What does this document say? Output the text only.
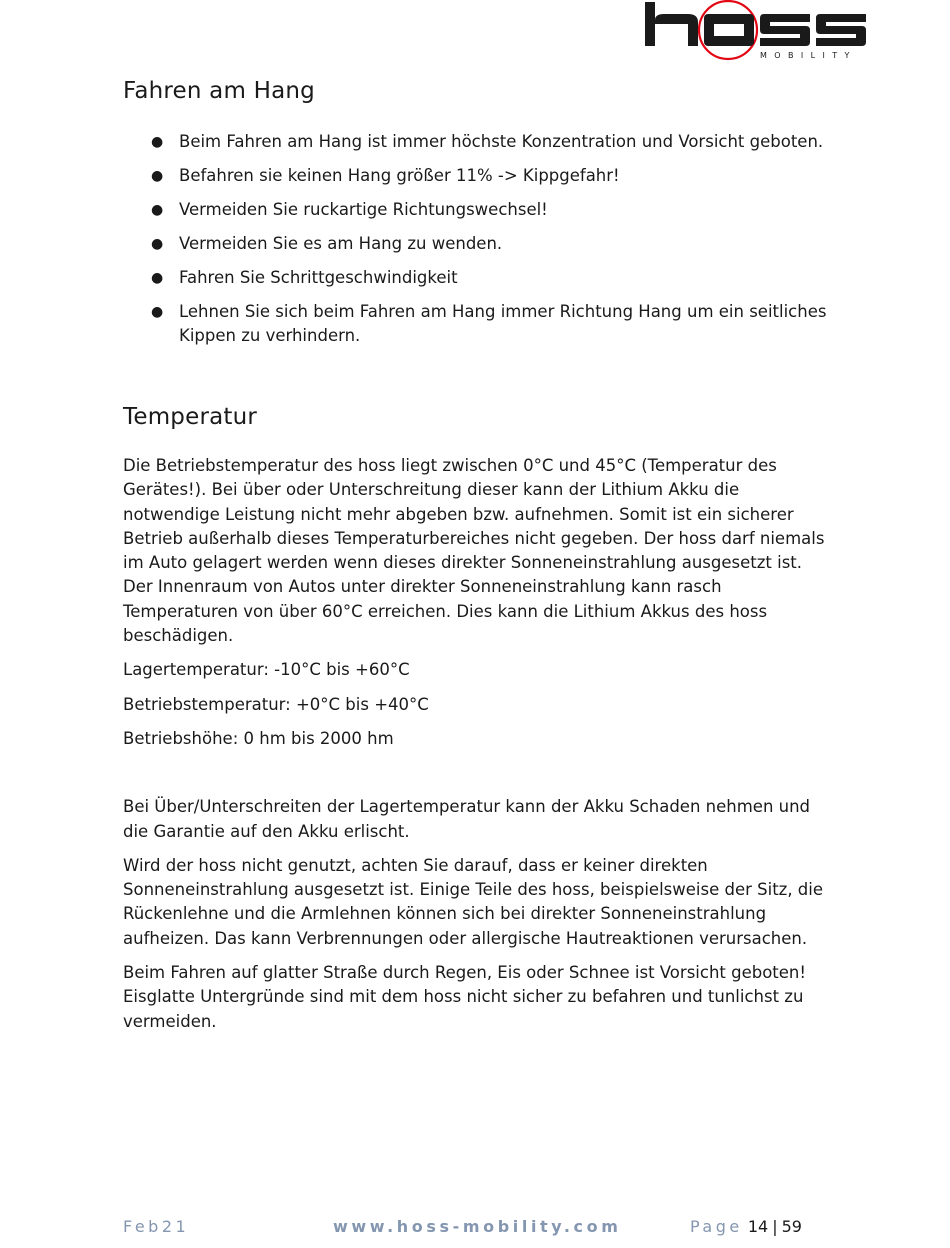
MOBILITY
Fahren am Hang
● Beim Fahren am Hang ist immer höchste Konzentration und Vorsicht geboten.
● Befahren sie keinen Hang größer 11% -> Kippgefahr!
● Vermeiden Sie ruckartige Richtungswechsel!
● Vermeiden Sie es am Hang zu wenden.
● Fahren Sie Schrittgeschwindigkeit
● Lehnen Sie sich beim Fahren am Hang immer Richtung Hang um ein seitliches Kippen zu verhindern.
Temperatur

Die Betriebstemperatur des hoss liegt zwischen 0°C und 45°C (Temperatur des Gerätes!). Bei über oder Unterschreitung dieser kann der Lithium Akku die notwendige Leistung nicht mehr abgeben bzw. aufnehmen. Somit ist ein sicherer Betrieb außerhalb dieses Temperaturbereiches nicht gegeben. Der hoss darf niemals im Auto gelagert werden wenn dieses direkter Sonneneinstrahlung ausgesetzt ist. Der Innenraum von Autos unter direkter Sonneneinstrahlung kann rasch Temperaturen von über 60°C erreichen. Dies kann die Lithium Akkus des hoss beschädigen.

Lagertemperatur: -10°C bis +60°C

Betriebstemperatur: +0°C bis +40°C

Betriebshöhe: 0 hm bis 2000 hm

Bei Über/Unterschreiten der Lagertemperatur kann der Akku Schaden nehmen und die Garantie auf den Akku erlischt.

Wird der hoss nicht genutzt, achten Sie darauf, dass er keiner direkten Sonneneinstrahlung ausgesetzt ist. Einige Teile des hoss, beispielsweise der Sitz, die Rückenlehne und die Armlehnen können sich bei direkter Sonneneinstrahlung aufheizen. Das kann Verbrennungen oder allergische Hautreaktionen verursachen.

Beim Fahren auf glatter Straße durch Regen, Eis oder Schnee ist Vorsicht geboten! Eisglatte Untergründe sind mit dem hoss nicht sicher zu befahren und tunlichst zu vermeiden.

Feb21	www.hoss-mobility.com	Page 14 | 59
